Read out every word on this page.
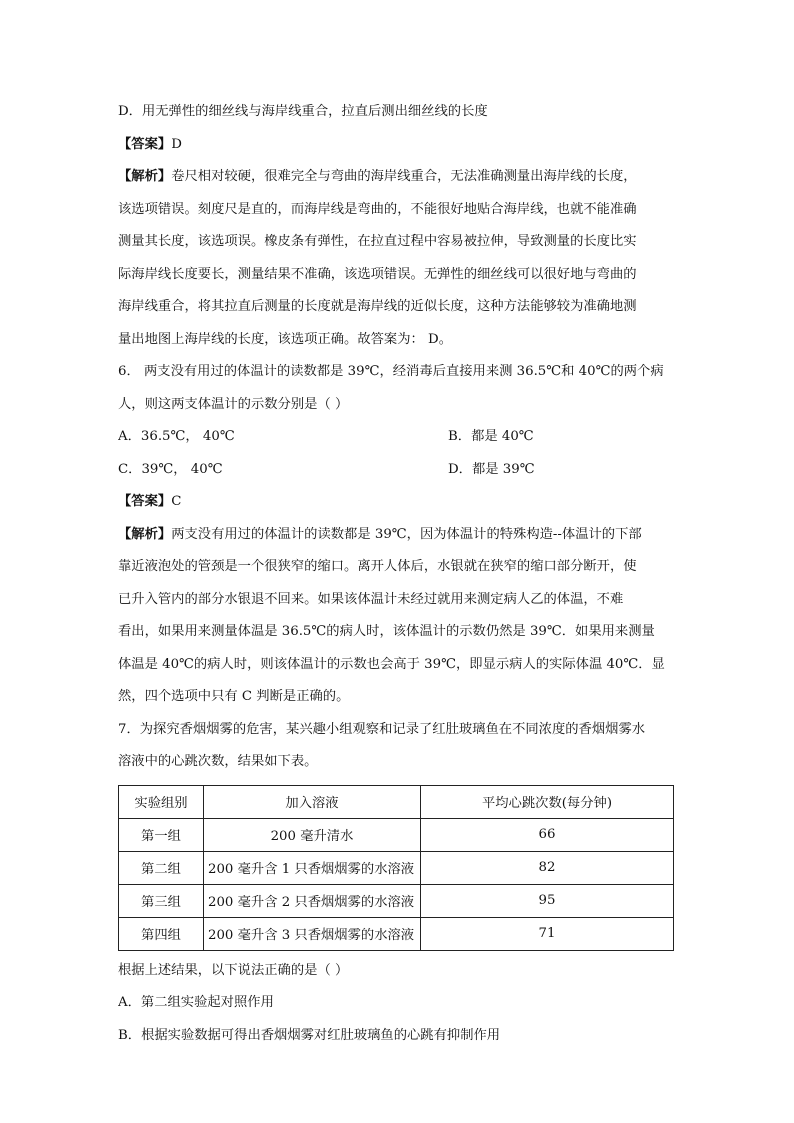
D．用无弹性的细丝线与海岸线重合，拉直后测出细丝线的长度
【答案】D
【解析】卷尺相对较硬，很难完全与弯曲的海岸线重合，无法准确测量出海岸线的长度，
该选项错误。刻度尺是直的，而海岸线是弯曲的，不能很好地贴合海岸线，也就不能准确
测量其长度，该选项误。橡皮条有弹性，在拉直过程中容易被拉伸，导致测量的长度比实
际海岸线长度要长，测量结果不准确，该选项错误。无弹性的细丝线可以很好地与弯曲的
海岸线重合，将其拉直后测量的长度就是海岸线的近似长度，这种方法能够较为准确地测
量出地图上海岸线的长度，该选项正确。故答案为： D。
6． 两支没有用过的体温计的读数都是 39℃，经消毒后直接用来测 36.5℃和 40℃的两个病
人，则这两支体温计的示数分别是（ ）
A．36.5℃， 40℃	B．都是 40℃
C．39℃， 40℃	D．都是 39℃
【答案】C
【解析】两支没有用过的体温计的读数都是 39℃，因为体温计的特殊构造--体温计的下部
靠近液泡处的管颈是一个很狭窄的缩口。离开人体后，水银就在狭窄的缩口部分断开，使
已升入管内的部分水银退不回来。如果该体温计未经过就用来测定病人乙的体温，不难
看出，如果用来测量体温是 36.5℃的病人时，该体温计的示数仍然是 39℃．如果用来测量
体温是 40℃的病人时，则该体温计的示数也会高于 39℃，即显示病人的实际体温 40℃．显
然，四个选项中只有 C 判断是正确的。
7．为探究香烟烟雾的危害，某兴趣小组观察和记录了红肚玻璃鱼在不同浓度的香烟烟雾水
溶液中的心跳次数，结果如下表。
实验组别	加入溶液	平均心跳次数(每分钟)
第一组	200 毫升清水	66
第二组	200 毫升含 1 只香烟烟雾的水溶液	82
第三组	200 毫升含 2 只香烟烟雾的水溶液	95
第四组	200 毫升含 3 只香烟烟雾的水溶液	71
根据上述结果，以下说法正确的是（ ）
A．第二组实验起对照作用
B．根据实验数据可得出香烟烟雾对红肚玻璃鱼的心跳有抑制作用
